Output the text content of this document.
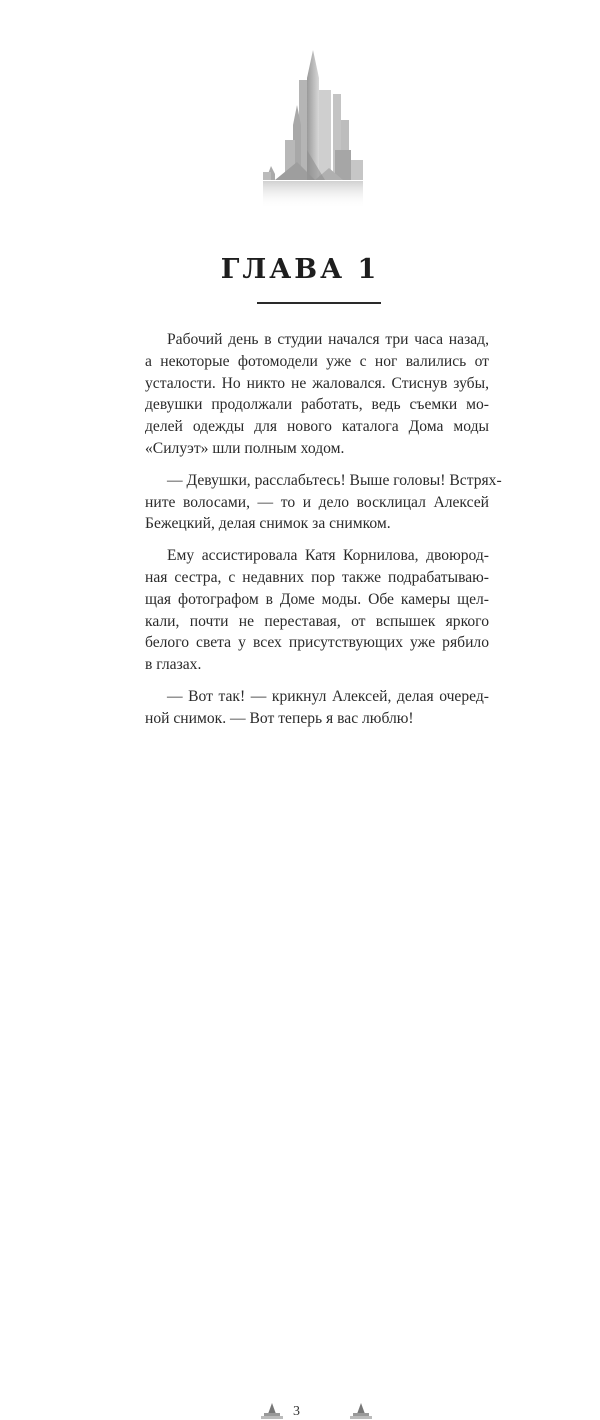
ГЛАВА 1
Рабочий день в студии начался три часа назад,
а некоторые фотомодели уже с ног валились от
усталости. Но никто не жаловался. Стиснув зубы,
девушки продолжали работать, ведь съемки мо-
делей одежды для нового каталога Дома моды
«Силуэт» шли полным ходом.
— Девушки, расслабьтесь! Выше головы! Встрях-
ните волосами, — то и дело восклицал Алексей
Бежецкий, делая снимок за снимком.
Ему ассистировала Катя Корнилова, двоюрод-
ная сестра, с недавних пор также подрабатываю-
щая фотографом в Доме моды. Обе камеры щел-
кали, почти не переставая, от вспышек яркого
белого света у всех присутствующих уже рябило
в глазах.
— Вот так! — крикнул Алексей, делая очеред-
ной снимок. — Вот теперь я вас люблю!
3
